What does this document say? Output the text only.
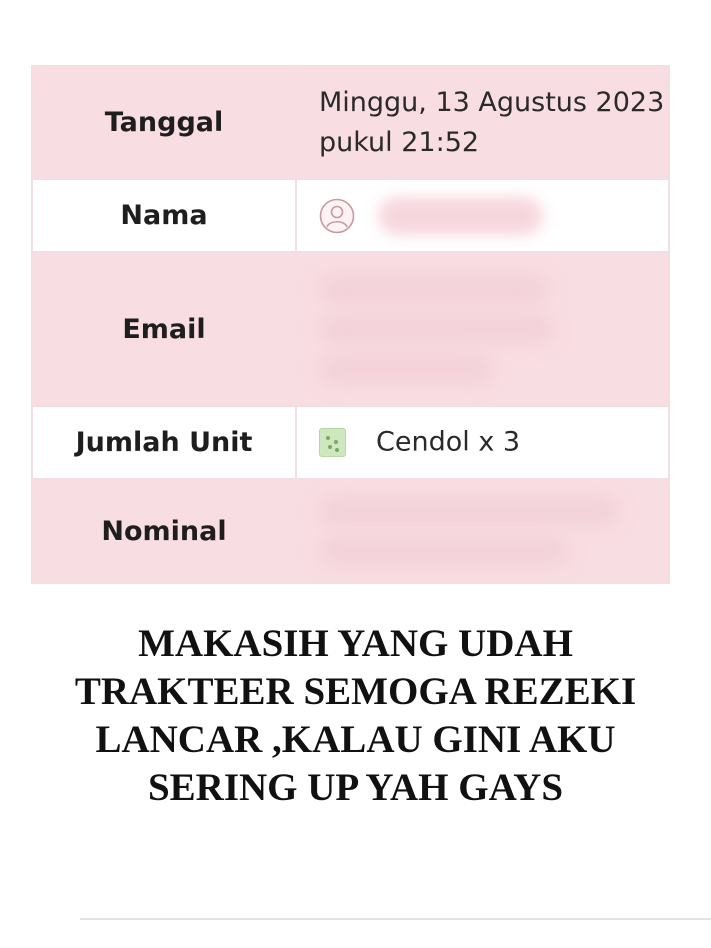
Tanggal	Minggu, 13 Agustus 2023 pukul 21:52
Nama	
Email	

Jumlah Unit	Cendol x 3
Nominal	
MAKASIH YANG UDAH
TRAKTEER SEMOGA REZEKI
LANCAR ,KALAU GINI AKU
SERING UP YAH GAYS
